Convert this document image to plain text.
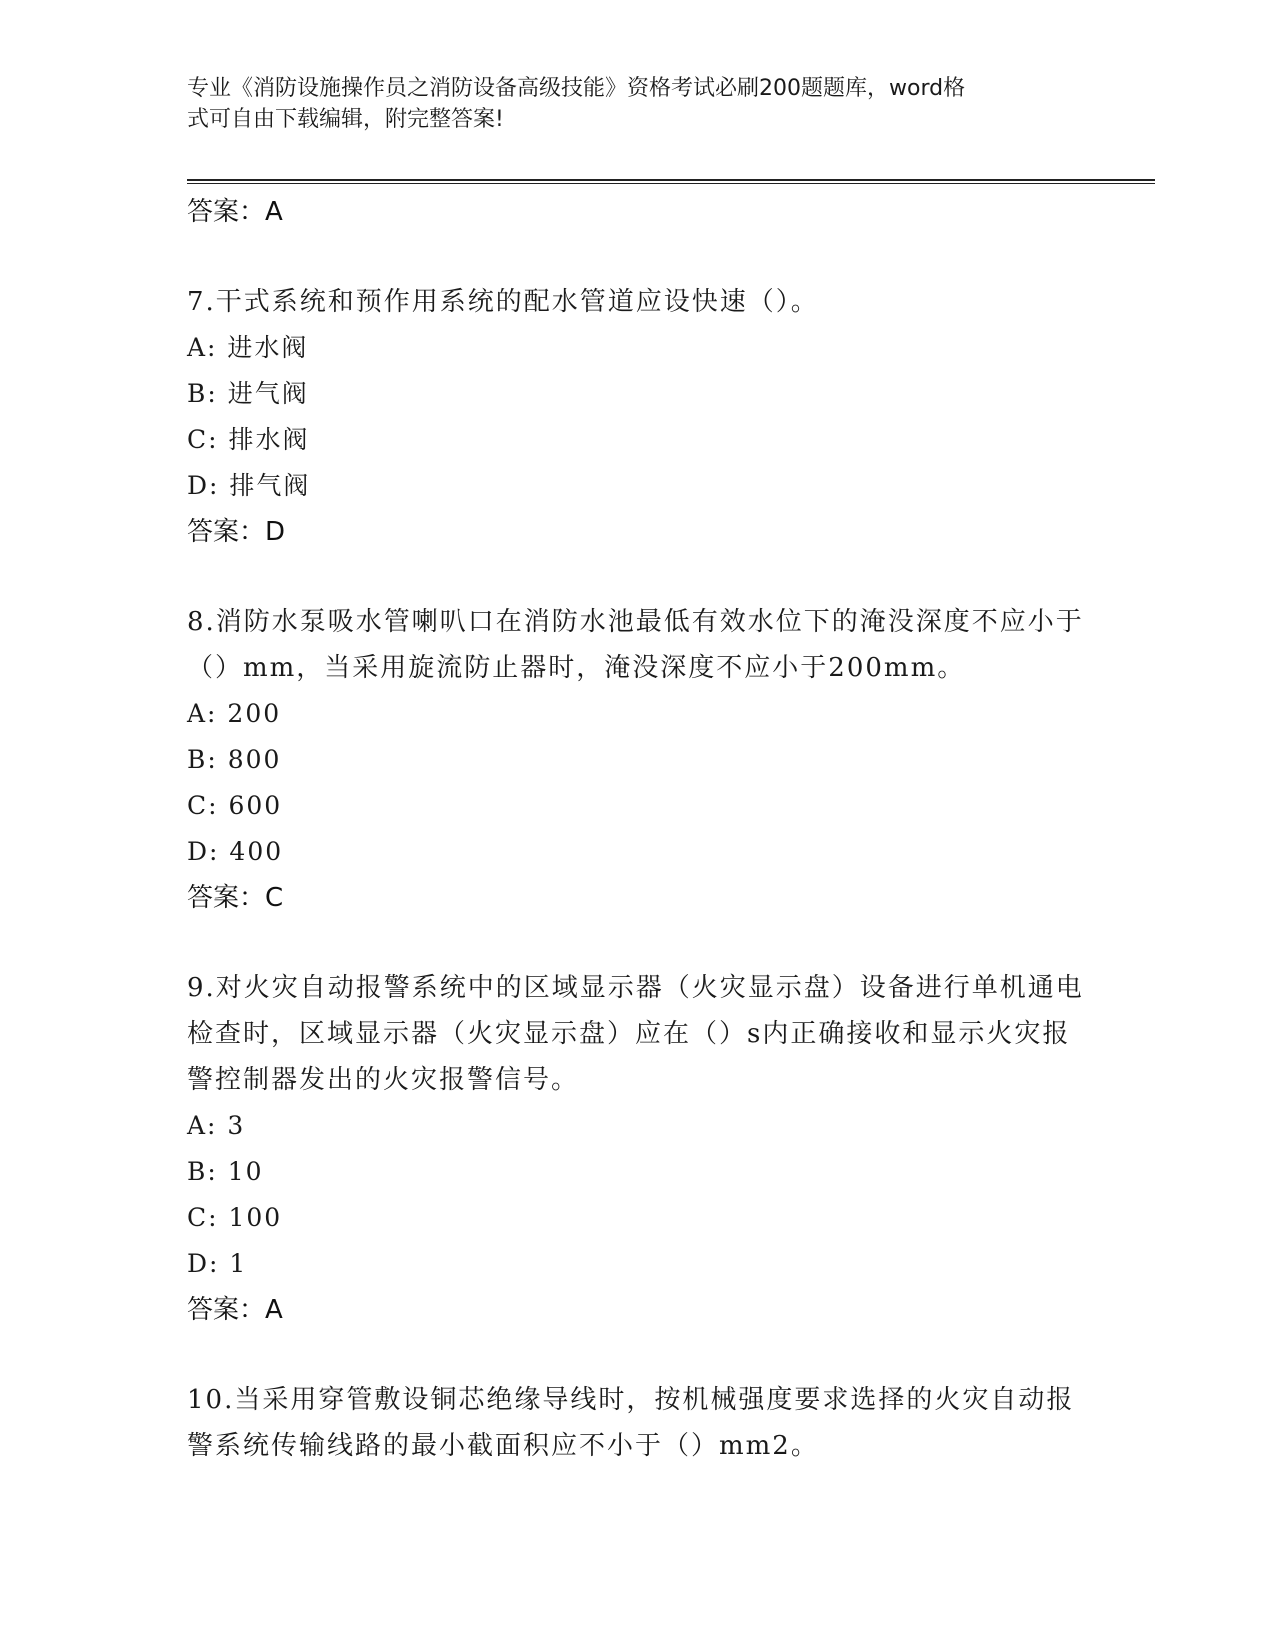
专业《消防设施操作员之消防设备高级技能》资格考试必刷200题题库，word格
式可自由下载编辑，附完整答案!
答案：A
7.干式系统和预作用系统的配水管道应设快速（）。
A: 进水阀
B: 进气阀
C: 排水阀
D: 排气阀
答案：D
8.消防水泵吸水管喇叭口在消防水池最低有效水位下的淹没深度不应小于（）mm，当采用旋流防止器时，淹没深度不应小于200mm。
A: 200
B: 800
C: 600
D: 400
答案：C
9.对火灾自动报警系统中的区域显示器（火灾显示盘）设备进行单机通电检查时，区域显示器（火灾显示盘）应在（）s内正确接收和显示火灾报警控制器发出的火灾报警信号。
A: 3
B: 10
C: 100
D: 1
答案：A
10.当采用穿管敷设铜芯绝缘导线时，按机械强度要求选择的火灾自动报警系统传输线路的最小截面积应不小于（）mm2。
